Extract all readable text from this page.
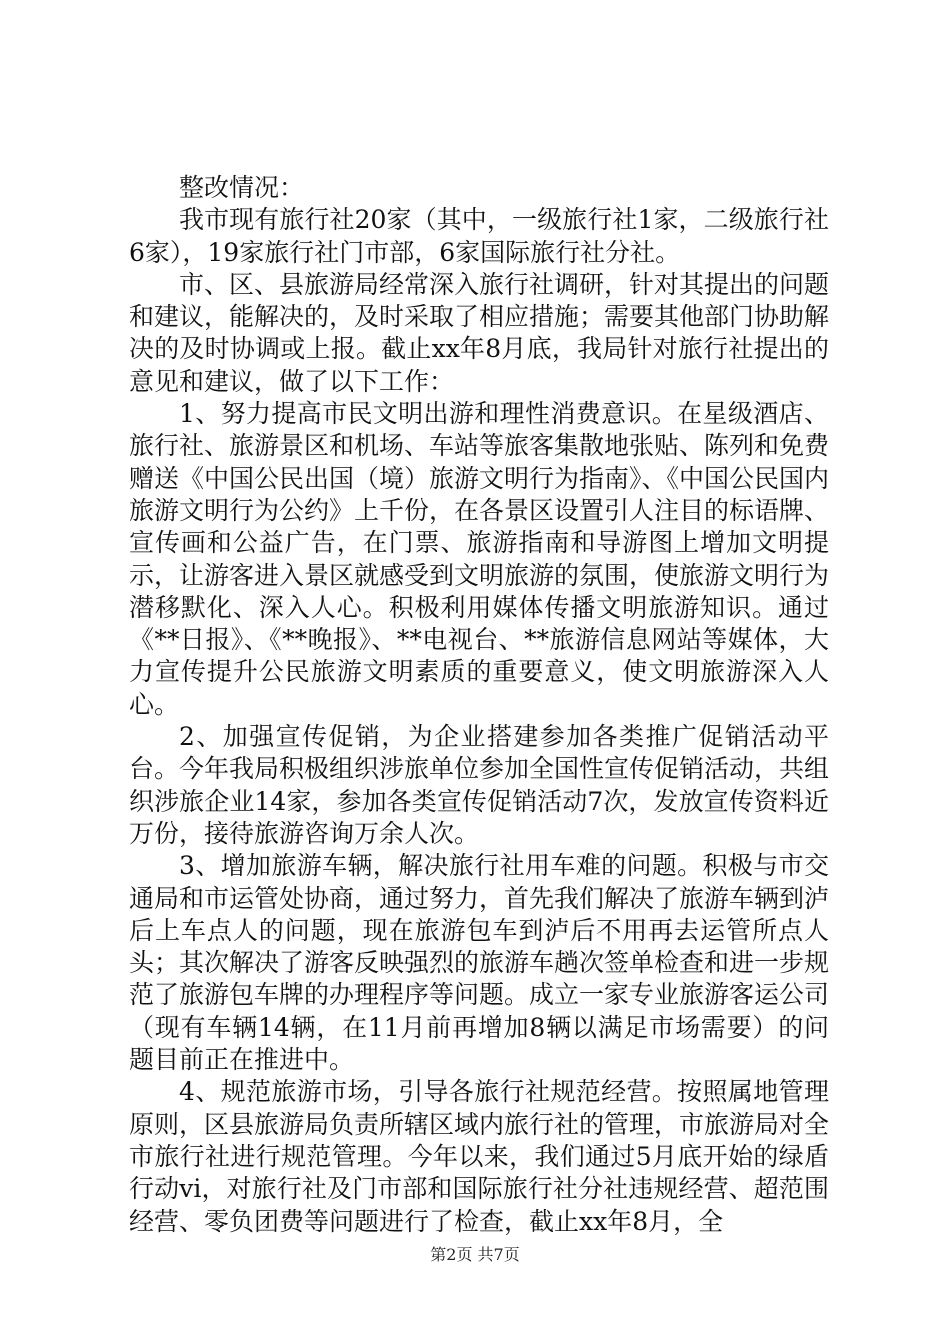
整改情况：

我市现有旅行社20家（其中，一级旅行社1家，二级旅行社6家），19家旅行社门市部，6家国际旅行社分社。

市、区、县旅游局经常深入旅行社调研，针对其提出的问题和建议，能解决的，及时采取了相应措施；需要其他部门协助解决的及时协调或上报。截止xx年8月底，我局针对旅行社提出的意见和建议，做了以下工作：

1、努力提高市民文明出游和理性消费意识。在星级酒店、旅行社、旅游景区和机场、车站等旅客集散地张贴、陈列和免费赠送《中国公民出国（境）旅游文明行为指南》、《中国公民国内旅游文明行为公约》上千份，在各景区设置引人注目的标语牌、宣传画和公益广告，在门票、旅游指南和导游图上增加文明提示，让游客进入景区就感受到文明旅游的氛围，使旅游文明行为潜移默化、深入人心。积极利用媒体传播文明旅游知识。通过《**日报》、《**晚报》、**电视台、**旅游信息网站等媒体，大力宣传提升公民旅游文明素质的重要意义，使文明旅游深入人心。

2、加强宣传促销，为企业搭建参加各类推广促销活动平台。今年我局积极组织涉旅单位参加全国性宣传促销活动，共组织涉旅企业14家，参加各类宣传促销活动7次，发放宣传资料近万份，接待旅游咨询万余人次。

3、增加旅游车辆，解决旅行社用车难的问题。积极与市交通局和市运管处协商，通过努力，首先我们解决了旅游车辆到泸后上车点人的问题，现在旅游包车到泸后不用再去运管所点人头；其次解决了游客反映强烈的旅游车趟次签单检查和进一步规范了旅游包车牌的办理程序等问题。成立一家专业旅游客运公司（现有车辆14辆，在11月前再增加8辆以满足市场需要）的问题目前正在推进中。

4、规范旅游市场，引导各旅行社规范经营。按照属地管理原则，区县旅游局负责所辖区域内旅行社的管理，市旅游局对全市旅行社进行规范管理。今年以来，我们通过5月底开始的绿盾行动vi，对旅行社及门市部和国际旅行社分社违规经营、超范围经营、零负团费等问题进行了检查，截止xx年8月，全

第2页 共7页
